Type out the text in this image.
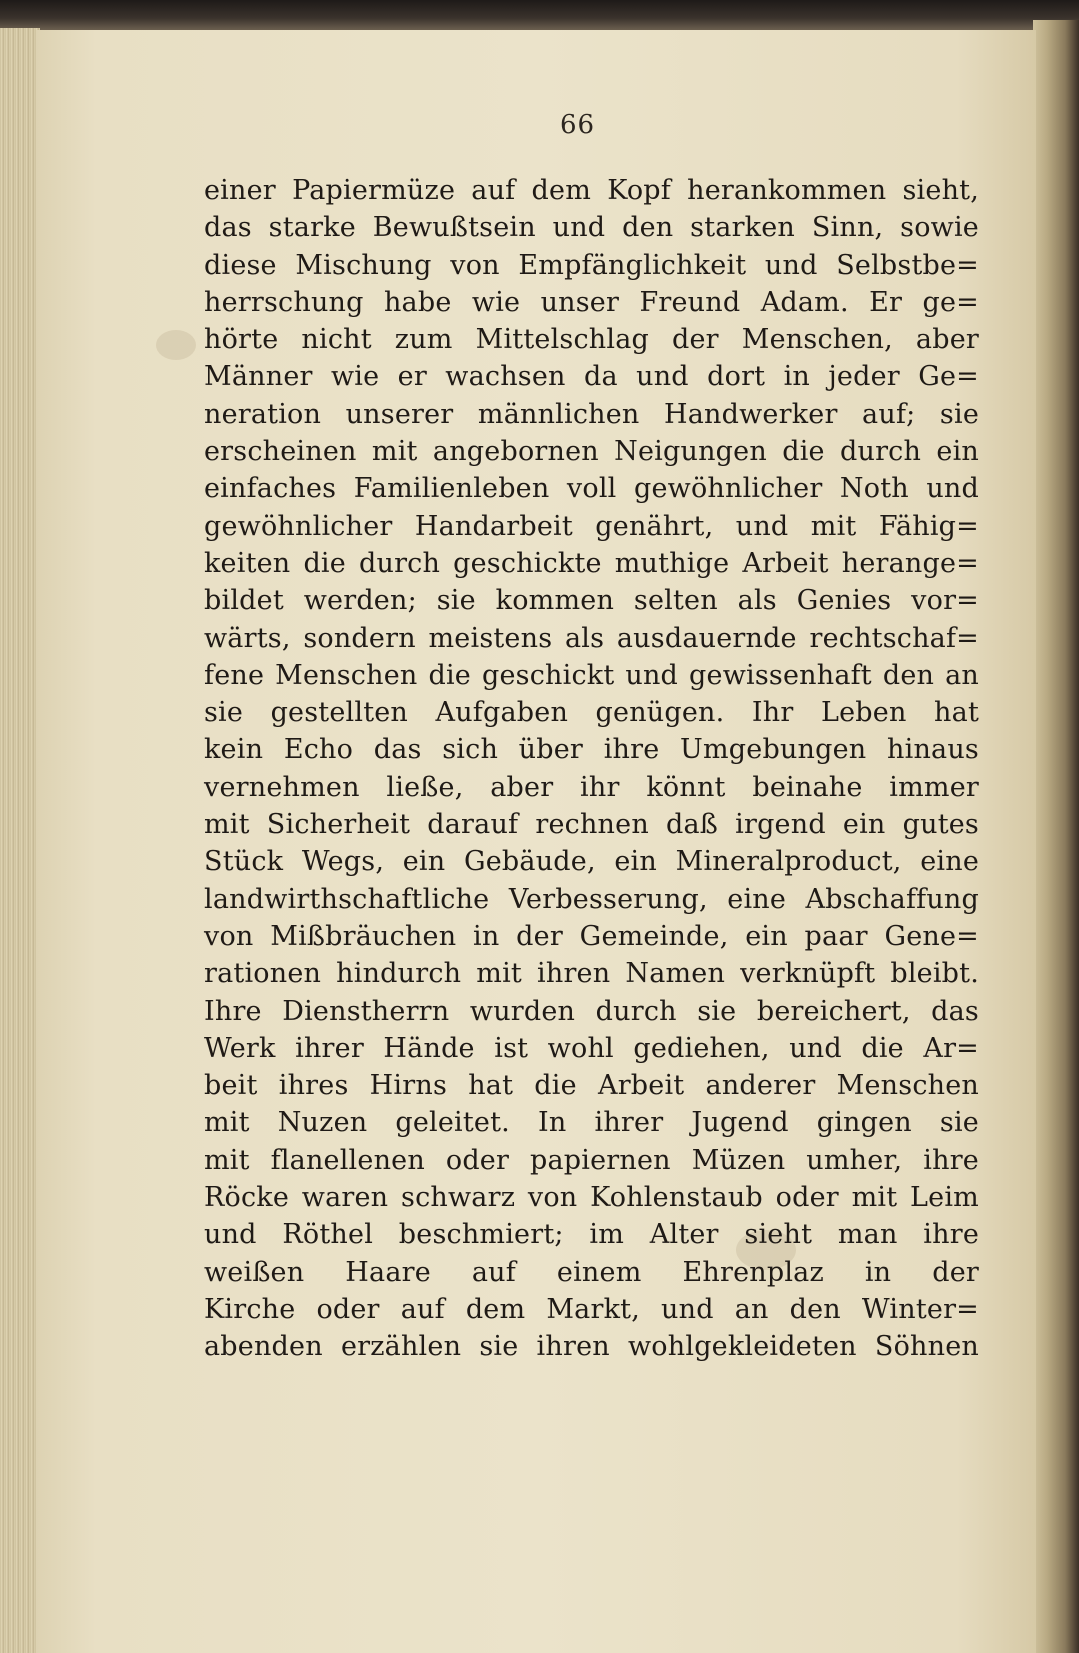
66
einer Papiermüze auf dem Kopf herankommen sieht,
das starke Bewußtsein und den starken Sinn, sowie
diese Mischung von Empfänglichkeit und Selbstbe=
herrschung habe wie unser Freund Adam. Er ge=
hörte nicht zum Mittelschlag der Menschen, aber
Männer wie er wachsen da und dort in jeder Ge=
neration unserer männlichen Handwerker auf; sie
erscheinen mit angebornen Neigungen die durch ein
einfaches Familienleben voll gewöhnlicher Noth und
gewöhnlicher Handarbeit genährt, und mit Fähig=
keiten die durch geschickte muthige Arbeit herange=
bildet werden; sie kommen selten als Genies vor=
wärts, sondern meistens als ausdauernde rechtschaf=
fene Menschen die geschickt und gewissenhaft den an
sie gestellten Aufgaben genügen. Ihr Leben hat
kein Echo das sich über ihre Umgebungen hinaus
vernehmen ließe, aber ihr könnt beinahe immer
mit Sicherheit darauf rechnen daß irgend ein gutes
Stück Wegs, ein Gebäude, ein Mineralproduct, eine
landwirthschaftliche Verbesserung, eine Abschaffung
von Mißbräuchen in der Gemeinde, ein paar Gene=
rationen hindurch mit ihren Namen verknüpft bleibt.
Ihre Dienstherrn wurden durch sie bereichert, das
Werk ihrer Hände ist wohl gediehen, und die Ar=
beit ihres Hirns hat die Arbeit anderer Menschen
mit Nuzen geleitet. In ihrer Jugend gingen sie
mit flanellenen oder papiernen Müzen umher, ihre
Röcke waren schwarz von Kohlenstaub oder mit Leim
und Röthel beschmiert; im Alter sieht man ihre
weißen Haare auf einem Ehrenplaz in der
Kirche oder auf dem Markt, und an den Winter=
abenden erzählen sie ihren wohlgekleideten Söhnen
